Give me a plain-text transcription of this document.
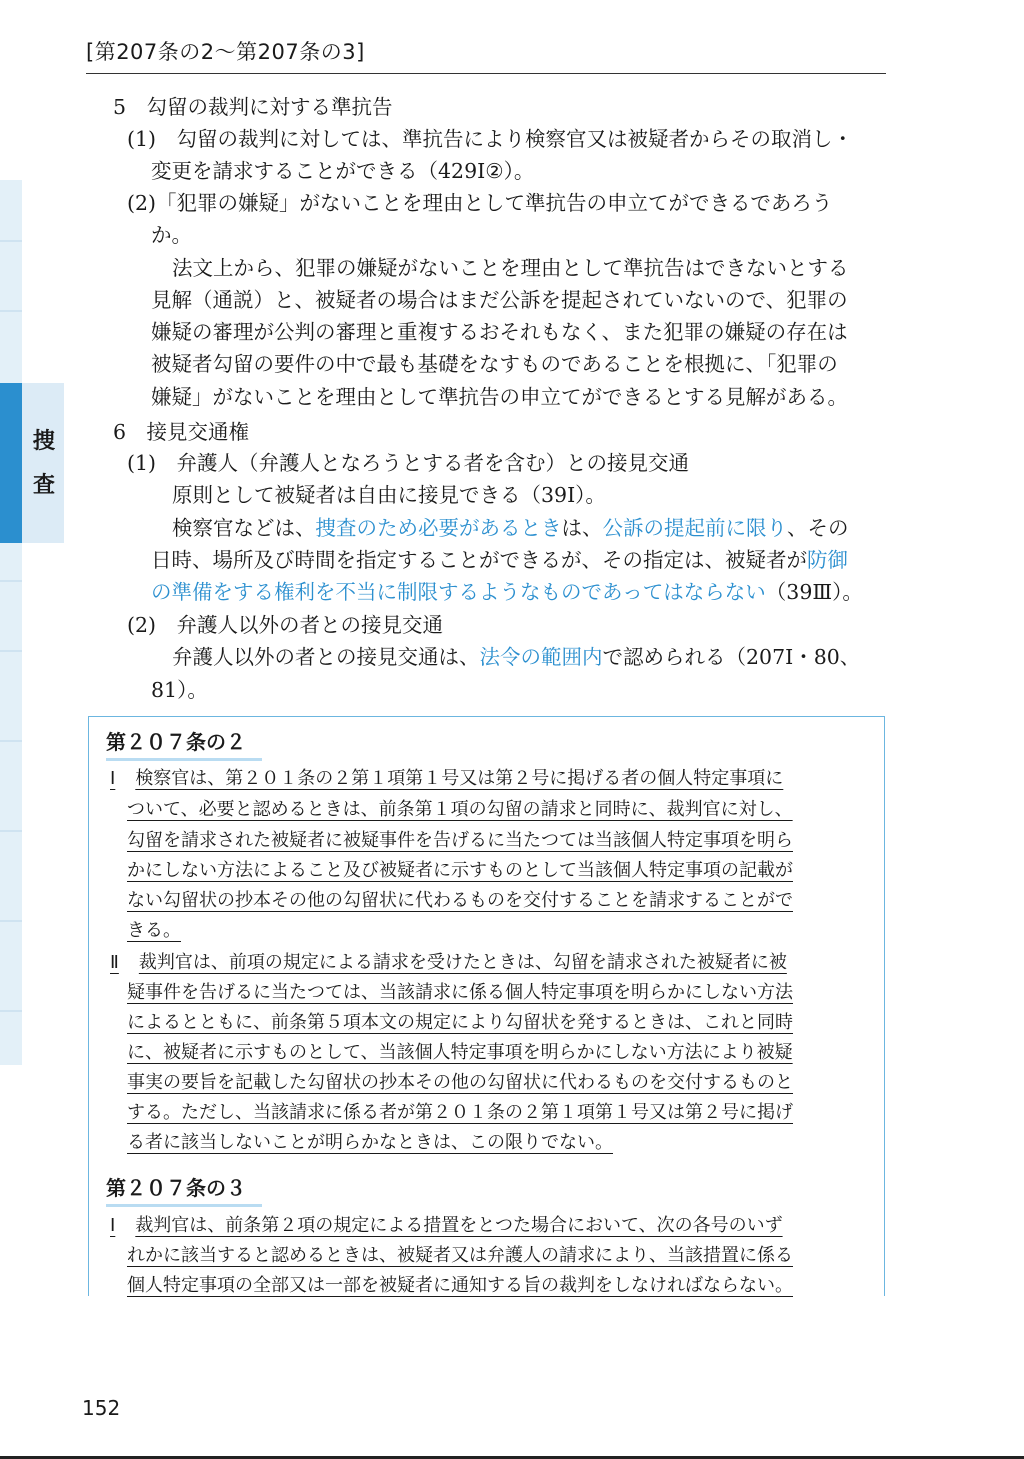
捜
査
[第207条の2～第207条の3]
5　勾留の裁判に対する準抗告
(1)　勾留の裁判に対しては、準抗告により検察官又は被疑者からその取消し・
変更を請求することができる（429Ⅰ②）。
(2)「犯罪の嫌疑」がないことを理由として準抗告の申立てができるであろう
か。
法文上から、犯罪の嫌疑がないことを理由として準抗告はできないとする
見解（通説）と、被疑者の場合はまだ公訴を提起されていないので、犯罪の
嫌疑の審理が公判の審理と重複するおそれもなく、また犯罪の嫌疑の存在は
被疑者勾留の要件の中で最も基礎をなすものであることを根拠に、「犯罪の
嫌疑」がないことを理由として準抗告の申立てができるとする見解がある。
6　接見交通権
(1)　弁護人（弁護人となろうとする者を含む）との接見交通
原則として被疑者は自由に接見できる（39Ⅰ）。
検察官などは、捜査のため必要があるときは、公訴の提起前に限り、その
日時、場所及び時間を指定することができるが、その指定は、被疑者が防御
の準備をする権利を不当に制限するようなものであってはならない（39Ⅲ）。
(2)　弁護人以外の者との接見交通
弁護人以外の者との接見交通は、法令の範囲内で認められる（207Ⅰ・80、
81）。
第２０７条の２
Ⅰ 検察官は、第２０１条の２第１項第１号又は第２号に掲げる者の個人特定事項に
ついて、必要と認めるときは、前条第１項の勾留の請求と同時に、裁判官に対し、
勾留を請求された被疑者に被疑事件を告げるに当たつては当該個人特定事項を明ら
かにしない方法によること及び被疑者に示すものとして当該個人特定事項の記載が
ない勾留状の抄本その他の勾留状に代わるものを交付することを請求することがで
きる。
Ⅱ 裁判官は、前項の規定による請求を受けたときは、勾留を請求された被疑者に被
疑事件を告げるに当たつては、当該請求に係る個人特定事項を明らかにしない方法
によるとともに、前条第５項本文の規定により勾留状を発するときは、これと同時
に、被疑者に示すものとして、当該個人特定事項を明らかにしない方法により被疑
事実の要旨を記載した勾留状の抄本その他の勾留状に代わるものを交付するものと
する。ただし、当該請求に係る者が第２０１条の２第１項第１号又は第２号に掲げ
る者に該当しないことが明らかなときは、この限りでない。
第２０７条の３
Ⅰ 裁判官は、前条第２項の規定による措置をとつた場合において、次の各号のいず
れかに該当すると認めるときは、被疑者又は弁護人の請求により、当該措置に係る
個人特定事項の全部又は一部を被疑者に通知する旨の裁判をしなければならない。
152
